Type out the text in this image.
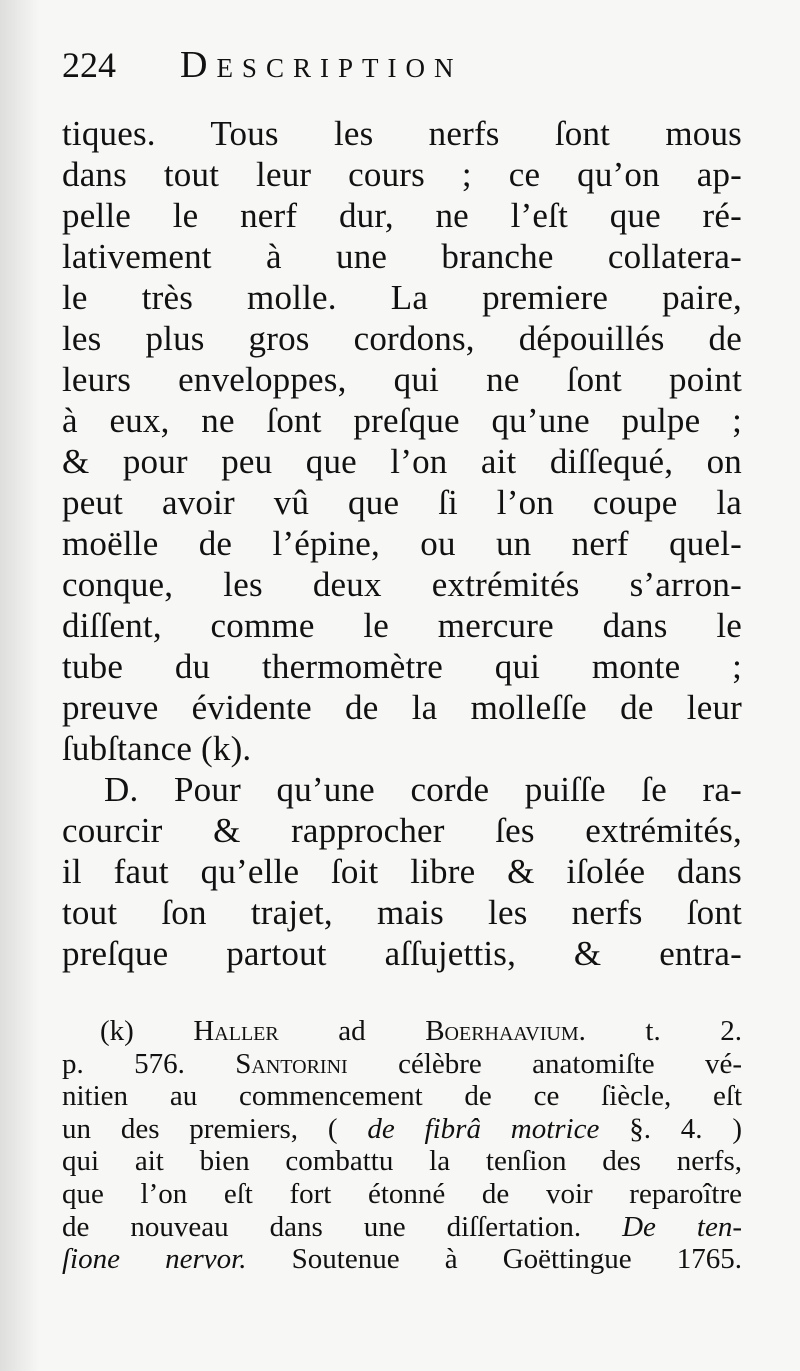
224 Description
tiques. Tous les nerfs ſont mous
dans tout leur cours ; ce qu’on ap-
pelle le nerf dur, ne l’eſt que ré-
lativement à une branche collatera-
le très molle. La premiere paire,
les plus gros cordons, dépouillés de
leurs enveloppes, qui ne ſont point
à eux, ne ſont preſque qu’une pulpe ;
& pour peu que l’on ait diſſequé, on
peut avoir vû que ſi l’on coupe la
moëlle de l’épine, ou un nerf quel-
conque, les deux extrémités s’arron-
diſſent, comme le mercure dans le
tube du thermomètre qui monte ;
preuve évidente de la molleſſe de leur
ſubſtance (k).
D. Pour qu’une corde puiſſe ſe ra-
courcir & rapprocher ſes extrémités,
il faut qu’elle ſoit libre & iſolée dans
tout ſon trajet, mais les nerfs ſont
preſque partout aſſujettis, & entra-
(k) Haller ad Boerhaavium. t. 2.
p. 576. Santorini célèbre anatomiſte vé-
nitien au commencement de ce ſiècle, eſt
un des premiers, ( de fibrâ motrice §. 4. )
qui ait bien combattu la tenſion des nerfs,
que l’on eſt fort étonné de voir reparoître
de nouveau dans une diſſertation. De ten-
ſione nervor. Soutenue à Goëttingue 1765.
